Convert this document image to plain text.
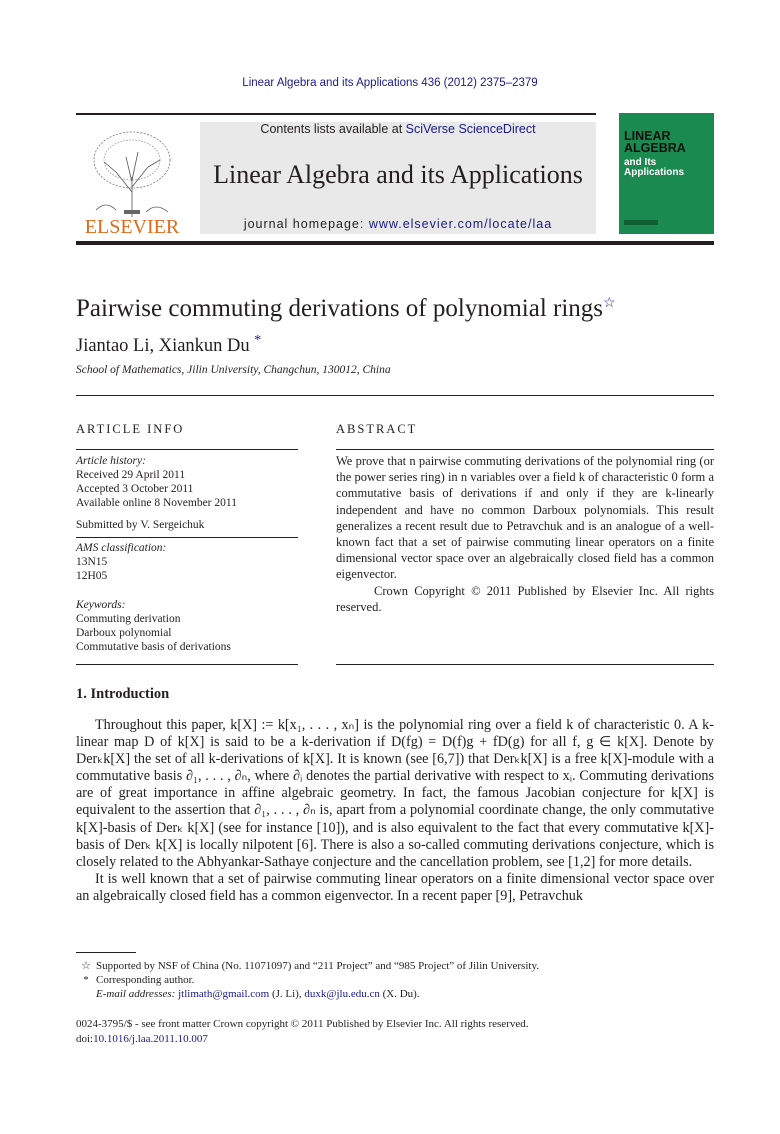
Linear Algebra and its Applications 436 (2012) 2375–2379
ELSEVIER
Contents lists available at SciVerse ScienceDirect
Linear Algebra and its Applications
journal homepage: www.elsevier.com/locate/laa
LINEAR
ALGEBRA
and Its
Applications
Pairwise commuting derivations of polynomial rings☆
Jiantao Li, Xiankun Du *
School of Mathematics, Jilin University, Changchun, 130012, China
ARTICLE INFO
Article history:
Received 29 April 2011
Accepted 3 October 2011
Available online 8 November 2011
Submitted by V. Sergeichuk
AMS classification:
13N15
12H05
Keywords:
Commuting derivation
Darboux polynomial
Commutative basis of derivations
ABSTRACT
We prove that n pairwise commuting derivations of the polynomial ring (or the power series ring) in n variables over a field k of characteristic 0 form a commutative basis of derivations if and only if they are k-linearly independent and have no common Darboux polynomials. This result generalizes a recent result due to Petravchuk and is an analogue of a well-known fact that a set of pairwise commuting linear operators on a finite dimensional vector space over an algebraically closed field has a common eigenvector.
Crown Copyright © 2011 Published by Elsevier Inc. All rights reserved.
1. Introduction

Throughout this paper, k[X] := k[x₁, . . . , xₙ] is the polynomial ring over a field k of characteristic 0. A k-linear map D of k[X] is said to be a k-derivation if D(fg) = D(f)g + fD(g) for all f, g ∈ k[X]. Denote by Derₖk[X] the set of all k-derivations of k[X]. It is known (see [6,7]) that Derₖk[X] is a free k[X]-module with a commutative basis ∂₁, . . . , ∂ₙ, where ∂ᵢ denotes the partial derivative with respect to xᵢ. Commuting derivations are of great importance in affine algebraic geometry. In fact, the famous Jacobian conjecture for k[X] is equivalent to the assertion that ∂₁, . . . , ∂ₙ is, apart from a polynomial coordinate change, the only commutative k[X]-basis of Derₖ k[X] (see for instance [10]), and is also equivalent to the fact that every commutative k[X]-basis of Derₖ k[X] is locally nilpotent [6]. There is also a so-called commuting derivations conjecture, which is closely related to the Abhyankar-Sathaye conjecture and the cancellation problem, see [1,2] for more details.

It is well known that a set of pairwise commuting linear operators on a finite dimensional vector space over an algebraically closed field has a common eigenvector. In a recent paper [9], Petravchuk

☆ Supported by NSF of China (No. 11071097) and “211 Project” and “985 Project” of Jilin University.
* Corresponding author.
E-mail addresses: jtlimath@gmail.com (J. Li), duxk@jlu.edu.cn (X. Du).
0024-3795/$ - see front matter Crown copyright © 2011 Published by Elsevier Inc. All rights reserved.
doi:10.1016/j.laa.2011.10.007
